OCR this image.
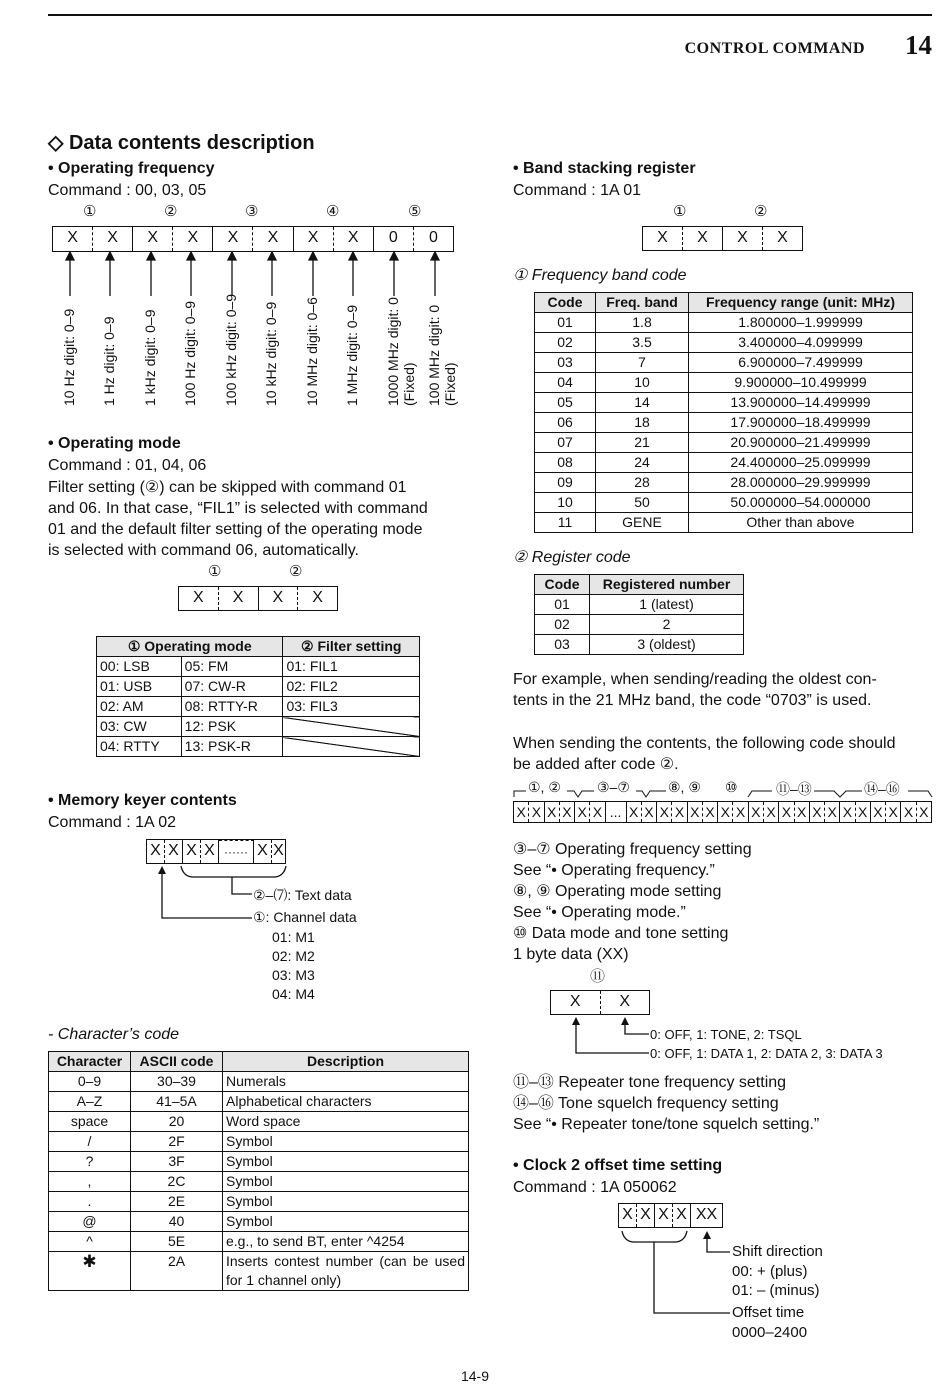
CONTROL COMMAND 14
◇ Data contents description
• Operating frequency
Command : 00, 03, 05
①	②	③	④	⑤
X	X	X	X	X	X	X	X	0	0
10 Hz digit: 0–9 1 Hz digit: 0–9 1 kHz digit: 0–9 100 Hz digit: 0–9 100 kHz digit: 0–9 10 kHz digit: 0–9 10 MHz digit: 0–6 1 MHz digit: 0–9 1000 MHz digit: 0 (Fixed) 100 MHz digit: 0 (Fixed)
• Operating mode
Command : 01, 04, 06
Filter setting (②) can be skipped with command 01
and 06. In that case, “FIL1” is selected with command
01 and the default filter setting of the operating mode
is selected with command 06, automatically.
①	②
X	X	X	X
① Operating mode		② Filter setting
00: LSB	05: FM	01: FIL1
01: USB	07: CW-R	02: FIL2
02: AM	08: RTTY-R	03: FIL3
03: CW	12: PSK	
04: RTTY	13: PSK-R	
• Memory keyer contents
Command : 1A 02
X X X X ······ X X
②–⑺: Text data
①: Channel data
01: M1
02: M2
03: M3
04: M4
- Character’s code
Character	ASCII code	Description
0–9	30–39	Numerals
A–Z	41–5A	Alphabetical characters
space	20	Word space
/	2F	Symbol
?	3F	Symbol
,	2C	Symbol
.	2E	Symbol
@	40	Symbol
^	5E	e.g., to send BT, enter ^4254
✱	2A	Inserts contest number (can be used for 1 channel only)
• Band stacking register
Command : 1A 01
①	②
X	X	X	X
① Frequency band code
Code	Freq. band	Frequency range (unit: MHz)
01	1.8	1.800000–1.999999
02	3.5	3.400000–4.099999
03	7	6.900000–7.499999
04	10	9.900000–10.499999
05	14	13.900000–14.499999
06	18	17.900000–18.499999
07	21	20.900000–21.499999
08	24	24.400000–25.099999
09	28	28.000000–29.999999
10	50	50.000000–54.000000
11	GENE	Other than above
② Register code
Code	Registered number
01	1 (latest)
02	2
03	3 (oldest)
For example, when sending/reading the oldest con-
tents in the 21 MHz band, the code “0703” is used.
When sending the contents, the following code should
be added after code ②.
①, ②	③–⑦	⑧, ⑨ ⑩	⑪–⑬	⑭–⑯
X X X X X X ... X X X X X X X X X X X X X X X X X X X X
③–⑦ Operating frequency setting
See “• Operating frequency.”
⑧, ⑨ Operating mode setting
See “• Operating mode.”
⑩ Data mode and tone setting
1 byte data (XX)
⑪
X	X
0: OFF, 1: TONE, 2: TSQL
0: OFF, 1: DATA 1, 2: DATA 2, 3: DATA 3
⑪–⑬ Repeater tone frequency setting
⑭–⑯ Tone squelch frequency setting
See “• Repeater tone/tone squelch setting.”
• Clock 2 offset time setting
Command : 1A 050062
X X X X XX
Shift direction
00: + (plus)
01: – (minus)
Offset time
0000–2400
14-9
